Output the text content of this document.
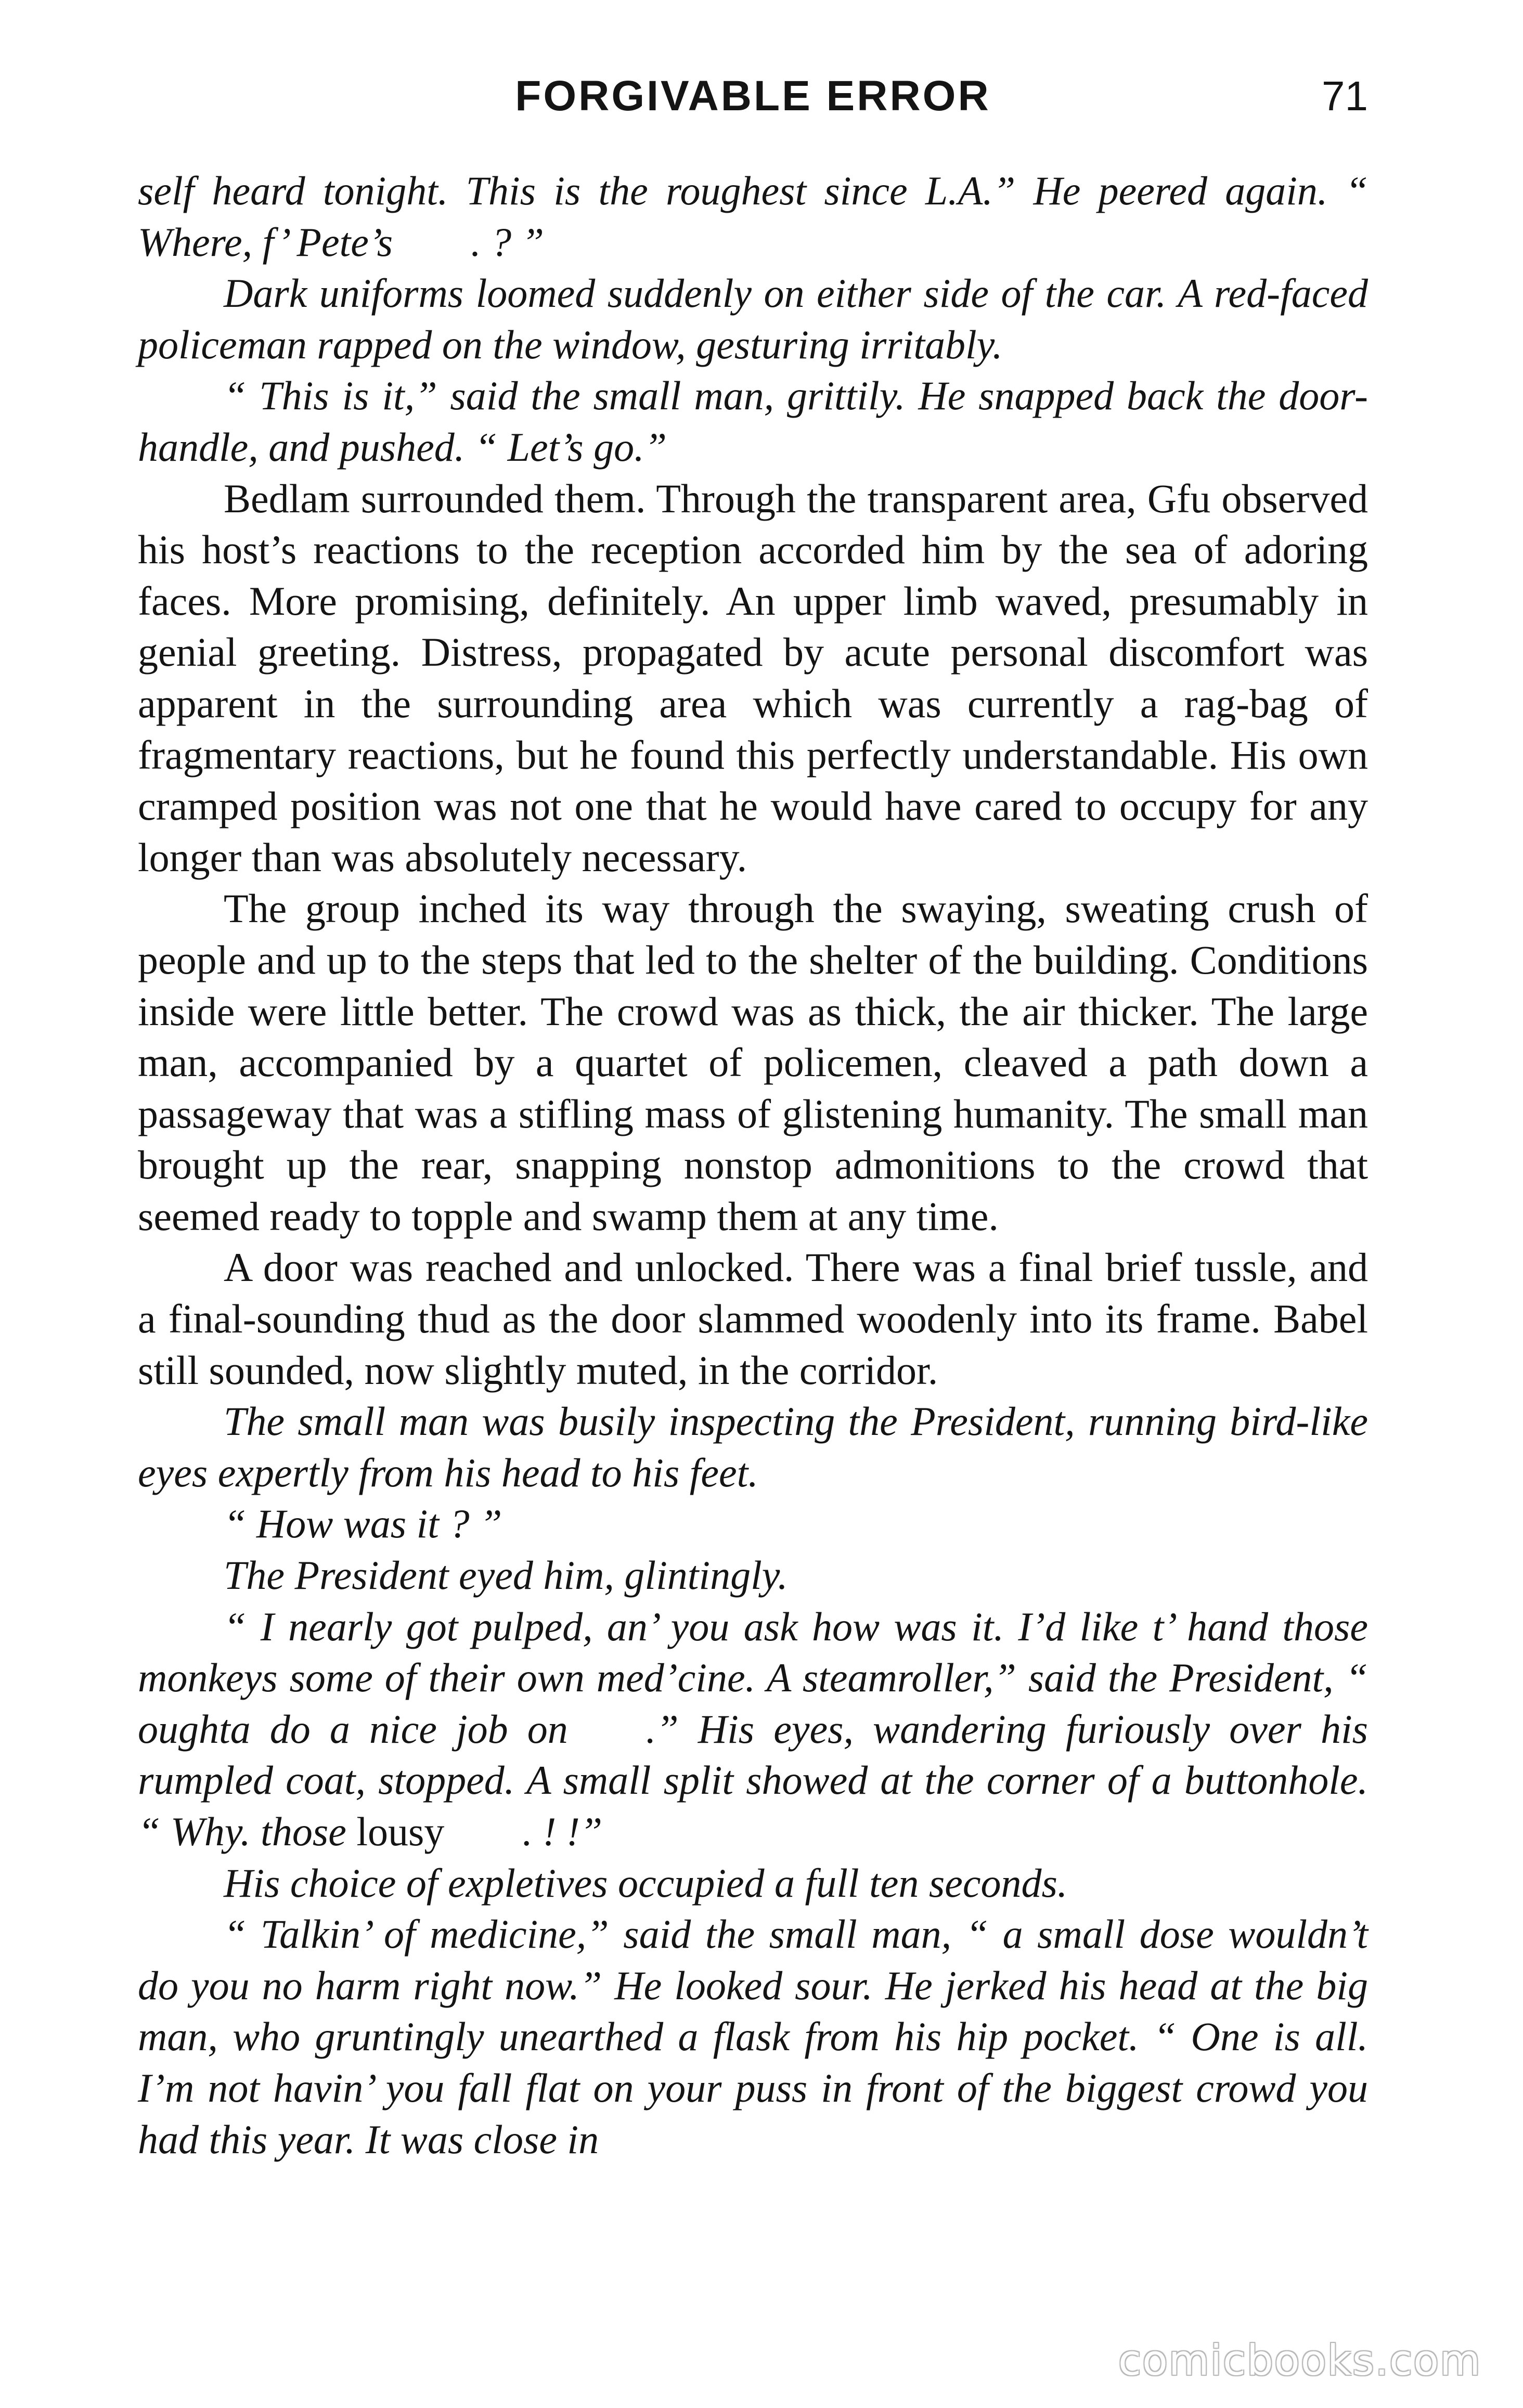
FORGIVABLE ERROR	71

self heard tonight. This is the roughest since L.A.” He peered again. “ Where, f’ Pete’s . ? ”

Dark uniforms loomed suddenly on either side of the car. A red-faced policeman rapped on the window, gesturing irritably.

“ This is it,” said the small man, grittily. He snapped back the door-handle, and pushed. “ Let’s go.”

Bedlam surrounded them. Through the transparent area, Gfu observed his host’s reactions to the reception accorded him by the sea of adoring faces. More promising, definitely. An upper limb waved, presumably in genial greeting. Distress, propagated by acute personal discomfort was apparent in the surrounding area which was currently a rag-bag of fragmentary reactions, but he found this perfectly understandable. His own cramped position was not one that he would have cared to occupy for any longer than was absolutely necessary.

The group inched its way through the swaying, sweating crush of people and up to the steps that led to the shelter of the building. Conditions inside were little better. The crowd was as thick, the air thicker. The large man, accompanied by a quartet of policemen, cleaved a path down a passageway that was a stifling mass of glistening humanity. The small man brought up the rear, snapping nonstop admonitions to the crowd that seemed ready to topple and swamp them at any time.

A door was reached and unlocked. There was a final brief tussle, and a final-sounding thud as the door slammed woodenly into its frame. Babel still sounded, now slightly muted, in the corridor.

The small man was busily inspecting the President, running bird-like eyes expertly from his head to his feet.

“ How was it ? ”

The President eyed him, glintingly.

“ I nearly got pulped, an’ you ask how was it. I’d like t’ hand those monkeys some of their own med’cine. A steamroller,” said the President, “ oughta do a nice job on .” His eyes, wandering furiously over his rumpled coat, stopped. A small split showed at the corner of a buttonhole. “ Why. those lousy . ! !”

His choice of expletives occupied a full ten seconds.

“ Talkin’ of medicine,” said the small man, “ a small dose wouldn’t do you no harm right now.” He looked sour. He jerked his head at the big man, who gruntingly unearthed a flask from his hip pocket. “ One is all. I’m not havin’ you fall flat on your puss in front of the biggest crowd you had this year. It was close in

comicbooks.com
